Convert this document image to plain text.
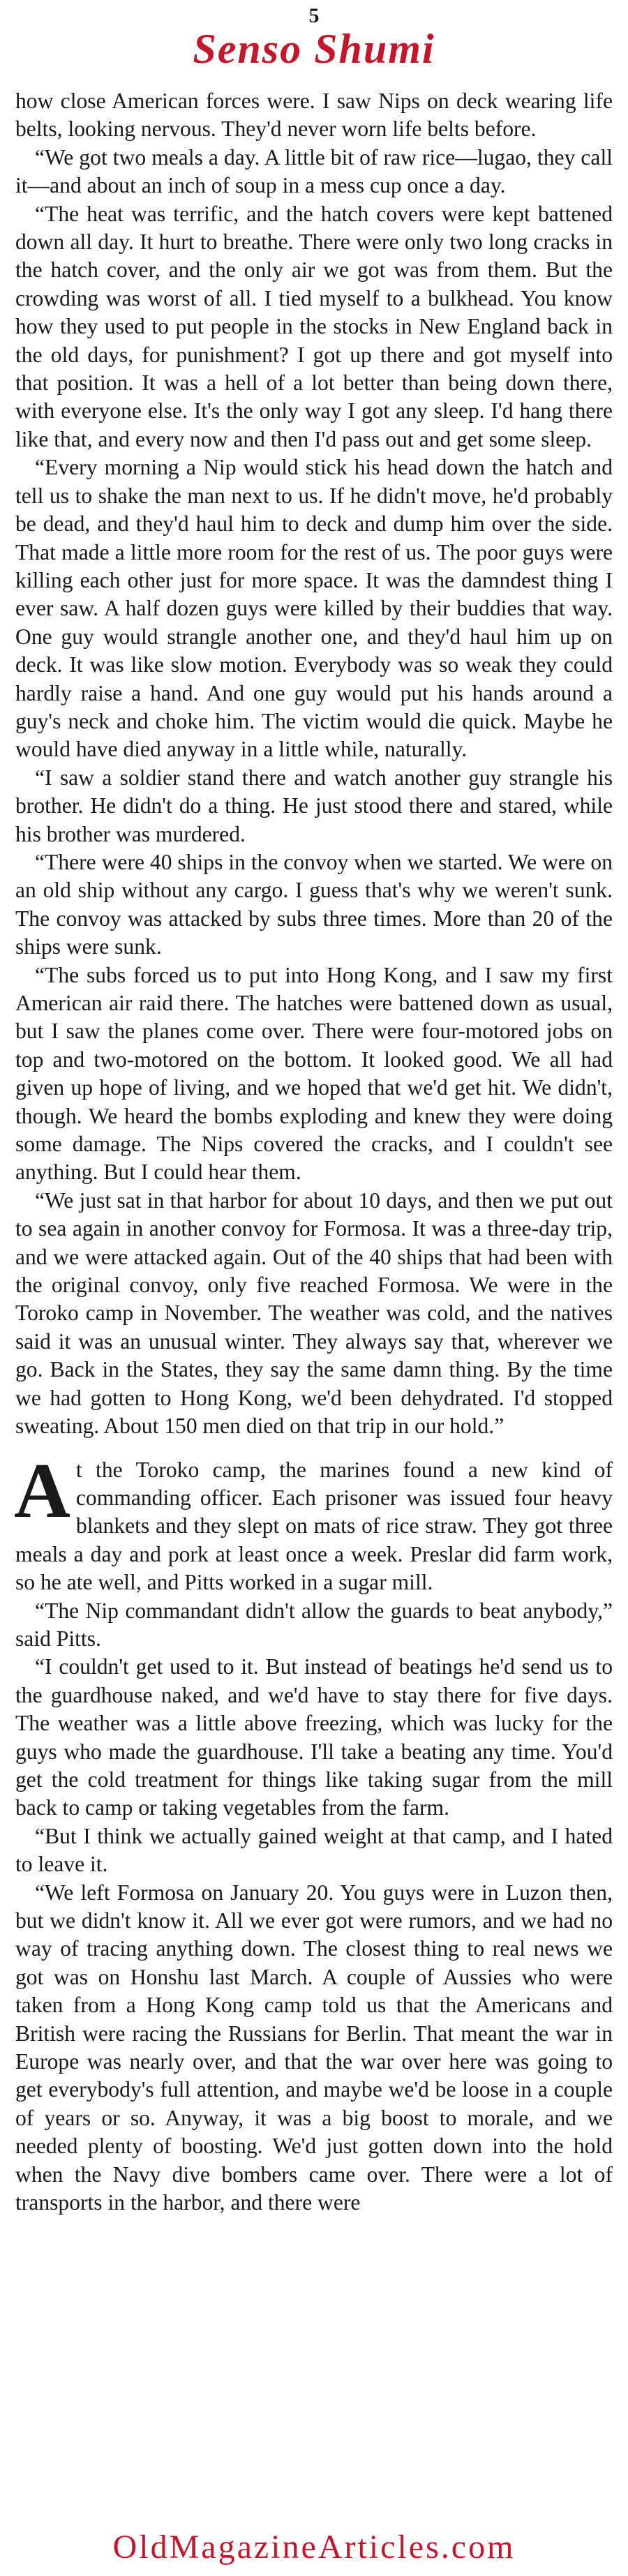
5
Senso Shumi

how close American forces were. I saw Nips on deck wearing life belts, looking nervous. They'd never worn life belts before.

“We got two meals a day. A little bit of raw rice—lugao, they call it—and about an inch of soup in a mess cup once a day.

“The heat was terrific, and the hatch covers were kept battened down all day. It hurt to breathe. There were only two long cracks in the hatch cover, and the only air we got was from them. But the crowding was worst of all. I tied myself to a bulkhead. You know how they used to put people in the stocks in New England back in the old days, for punishment? I got up there and got myself into that position. It was a hell of a lot better than being down there, with everyone else. It's the only way I got any sleep. I'd hang there like that, and every now and then I'd pass out and get some sleep.

“Every morning a Nip would stick his head down the hatch and tell us to shake the man next to us. If he didn't move, he'd probably be dead, and they'd haul him to deck and dump him over the side. That made a little more room for the rest of us. The poor guys were killing each other just for more space. It was the damndest thing I ever saw. A half dozen guys were killed by their buddies that way. One guy would strangle another one, and they'd haul him up on deck. It was like slow motion. Everybody was so weak they could hardly raise a hand. And one guy would put his hands around a guy's neck and choke him. The victim would die quick. Maybe he would have died anyway in a little while, naturally.

“I saw a soldier stand there and watch another guy strangle his brother. He didn't do a thing. He just stood there and stared, while his brother was murdered.

“There were 40 ships in the convoy when we started. We were on an old ship without any cargo. I guess that's why we weren't sunk. The convoy was attacked by subs three times. More than 20 of the ships were sunk.

“The subs forced us to put into Hong Kong, and I saw my first American air raid there. The hatches were battened down as usual, but I saw the planes come over. There were four-motored jobs on top and two-motored on the bottom. It looked good. We all had given up hope of living, and we hoped that we'd get hit. We didn't, though. We heard the bombs exploding and knew they were doing some damage. The Nips covered the cracks, and I couldn't see anything. But I could hear them.

“We just sat in that harbor for about 10 days, and then we put out to sea again in another convoy for Formosa. It was a three-day trip, and we were attacked again. Out of the 40 ships that had been with the original convoy, only five reached Formosa. We were in the Toroko camp in November. The weather was cold, and the natives said it was an unusual winter. They always say that, wherever we go. Back in the States, they say the same damn thing. By the time we had gotten to Hong Kong, we'd been dehydrated. I'd stopped sweating. About 150 men died on that trip in our hold.”

At the Toroko camp, the marines found a new kind of commanding officer. Each prisoner was issued four heavy blankets and they slept on mats of rice straw. They got three meals a day and pork at least once a week. Preslar did farm work, so he ate well, and Pitts worked in a sugar mill.

“The Nip commandant didn't allow the guards to beat anybody,” said Pitts.

“I couldn't get used to it. But instead of beatings he'd send us to the guardhouse naked, and we'd have to stay there for five days. The weather was a little above freezing, which was lucky for the guys who made the guardhouse. I'll take a beating any time. You'd get the cold treatment for things like taking sugar from the mill back to camp or taking vegetables from the farm.

“But I think we actually gained weight at that camp, and I hated to leave it.

“We left Formosa on January 20. You guys were in Luzon then, but we didn't know it. All we ever got were rumors, and we had no way of tracing anything down. The closest thing to real news we got was on Honshu last March. A couple of Aussies who were taken from a Hong Kong camp told us that the Americans and British were racing the Russians for Berlin. That meant the war in Europe was nearly over, and that the war over here was going to get everybody's full attention, and maybe we'd be loose in a couple of years or so. Anyway, it was a big boost to morale, and we needed plenty of boosting. We'd just gotten down into the hold when the Navy dive bombers came over. There were a lot of transports in the harbor, and there were

OldMagazineArticles.com
